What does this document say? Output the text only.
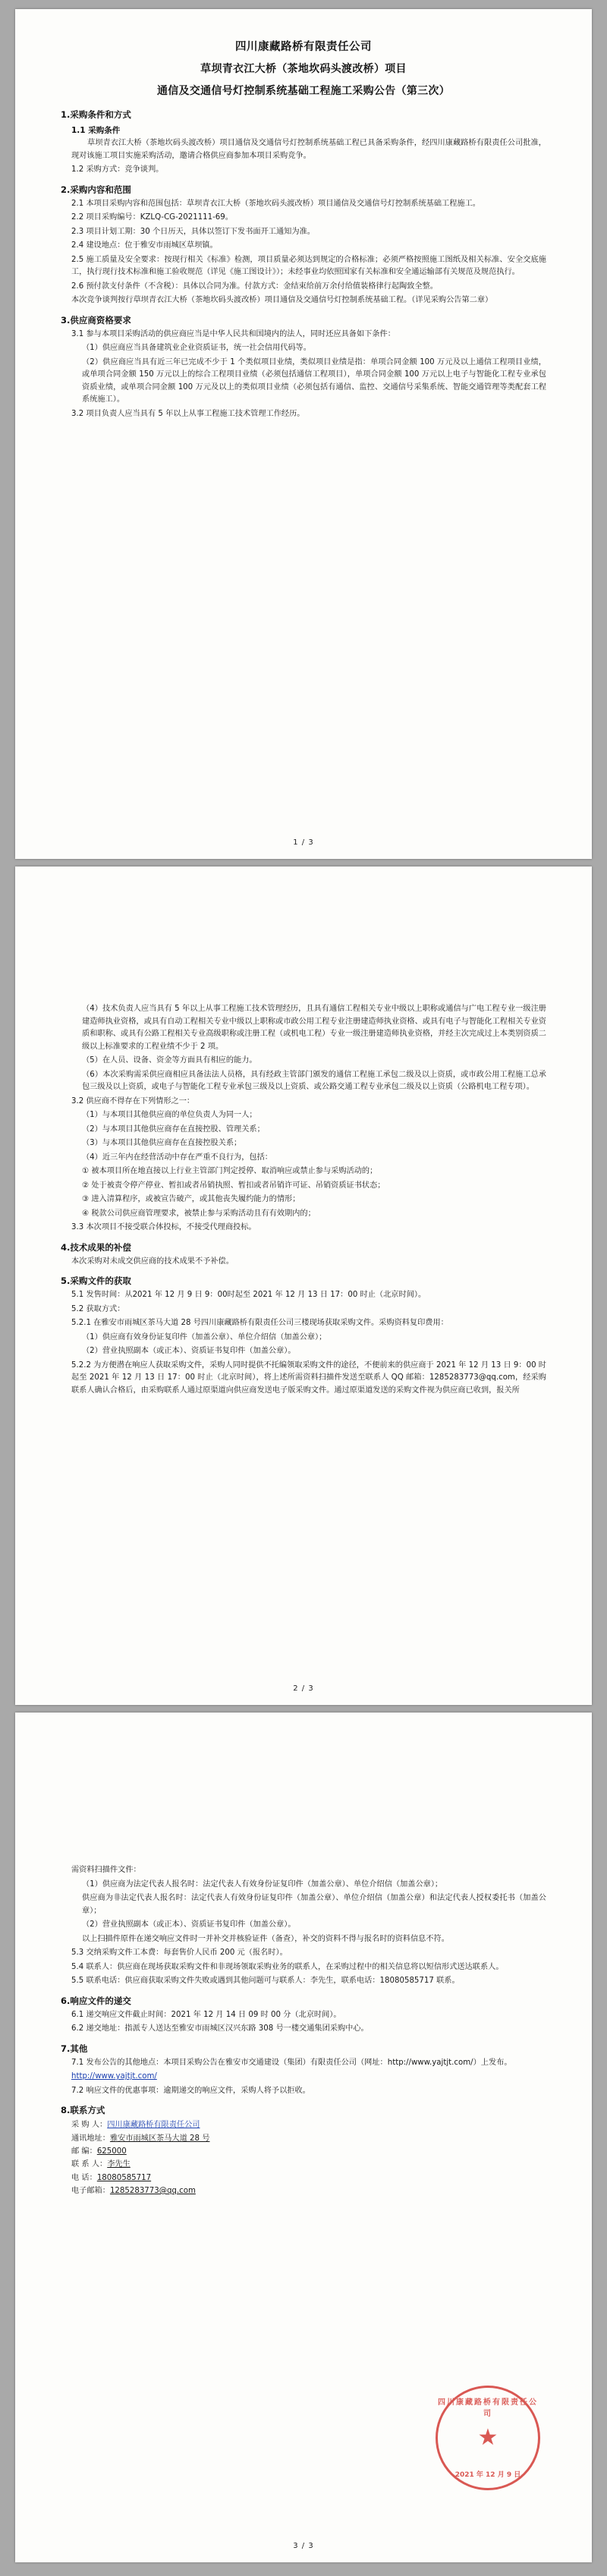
四川康藏路桥有限责任公司
草坝青衣江大桥（茶地坎码头渡改桥）项目
通信及交通信号灯控制系统基础工程施工采购公告（第三次）
1.采购条件和方式
1.1 采购条件

草坝青衣江大桥（茶地坎码头渡改桥）项目通信及交通信号灯控制系统基础工程已具备采购条件，经四川康藏路桥有限责任公司批准，现对该施工项目实施采购活动，邀请合格供应商参加本项目采购竞争。

1.2 采购方式：竞争谈判。

2.采购内容和范围

2.1 本项目采购内容和范围包括：草坝青衣江大桥（茶地坎码头渡改桥）项目通信及交通信号灯控制系统基础工程施工。

2.2 项目采购编号：KZLQ-CG-2021111-69。

2.3 项目计划工期：30 个日历天，具体以签订下发书面开工通知为准。

2.4 建设地点：位于雅安市雨城区草坝镇。

2.5 施工质量及安全要求：按现行相关《标准》检测，项目质量必须达到规定的合格标准；必须严格按照施工图纸及相关标准、安全交底施工，执行现行技术标准和施工验收规范（详见《施工图设计》）；未经事业均依照国家有关标准和安全通运输部有关规范及规范执行。

2.6 预付款支付条件（不含税）：具体以合同为准。付款方式：金结束给前万余付给值装格律行起陶致全整。

本次竞争谈判按行草坝青衣江大桥（茶地坎码头渡改桥）项目通信及交通信号灯控制系统基础工程。（详见采购公告第二章）

3.供应商资格要求

3.1 参与本项目采购活动的供应商应当是中华人民共和国境内的法人，同时还应具备如下条件：

（1）供应商应当具备建筑业企业资质证书，统一社会信用代码等。

（2）供应商应当具有近三年已完成不少于 1 个类似项目业绩，类似项目业绩是指：单项合同金额 100 万元及以上通信工程项目业绩，或单项合同金额 150 万元以上的综合工程项目业绩（必须包括通信工程项目），单项合同金额 100 万元以上电子与智能化工程专业承包资质业绩，或单项合同金额 100 万元及以上的类似项目业绩（必须包括有通信、监控、交通信号采集系统、智能交通管理等类配套工程系统施工）。

3.2 项目负责人应当具有 5 年以上从事工程施工技术管理工作经历。

1 / 3

（4）技术负责人应当具有 5 年以上从事工程施工技术管理经历，且具有通信工程相关专业中级以上职称或通信与广电工程专业一级注册建造师执业资格，或具有自动工程相关专业中级以上职称或市政公用工程专业注册建造师执业资格、或具有电子与智能化工程相关专业资质和职称、或具有公路工程相关专业高级职称或注册工程（或机电工程）专业一级注册建造师执业资格，并经主次完成过上本类别资质二级以上标准要求的工程业绩不少于 2 项。

（5）在人员、设备、资金等方面具有相应的能力。

（6）本次采购需采供应商相应具备法法人员格，具有经政主管部门颁发的通信工程施工承包二级及以上资质，或市政公用工程施工总承包三级及以上资质，或电子与智能化工程专业承包三级及以上资质、或公路交通工程专业承包二级及以上资质（公路机电工程专项）。

3.2 供应商不得存在下列情形之一：

（1）与本项目其他供应商的单位负责人为同一人；

（2）与本项目其他供应商存在直接控股、管理关系；

（3）与本项目其他供应商存在直接控股关系；

（4）近三年内在经营活动中存在严重不良行为，包括：

① 被本项目所在地直接以上行业主管部门判定授停、取消响应或禁止参与采购活动的；

② 处于被责令停产停业、暂扣或者吊销执照、暂扣或者吊销许可证、吊销资质证书状态；

③ 进入清算程序，或被宣告破产，或其他丧失履约能力的情形；

④ 税款公司供应商管理要求，被禁止参与采购活动且有有效期内的；

3.3 本次项目不接受联合体投标，不接受代理商投标。

4.技术成果的补偿

本次采购对未成交供应商的技术成果不予补偿。

5.采购文件的获取

5.1 发售时间：从2021 年 12 月 9 日 9：00时起至 2021 年 12 月 13 日 17：00 时止（北京时间）。

5.2 获取方式：

5.2.1 在雅安市雨城区茶马大道 28 号四川康藏路桥有限责任公司三楼现场获取采购文件。采购资料复印费用：

（1）供应商有效身份证复印件（加盖公章）、单位介绍信（加盖公章）；

（2）营业执照副本（或正本）、资质证书复印件（加盖公章）。

5.2.2 为方便潜在响应人获取采购文件，采购人同时提供不托编领取采购文件的途径，不便前来的供应商于 2021 年 12 月 13 日 9：00 时起至 2021 年 12 月 13 日 17：00 时止（北京时间），将上述所需资料扫描件发送至联系人 QQ 邮箱：1285283773@qq.com，经采购联系人确认合格后，由采购联系人通过原渠道向供应商发送电子版采购文件。通过原渠道发送的采购文件视为供应商已收到，报关所

2 / 3

需资料扫描件文件：

（1）供应商为法定代表人报名时：法定代表人有效身份证复印件（加盖公章）、单位介绍信（加盖公章）；

供应商为非法定代表人报名时：法定代表人有效身份证复印件（加盖公章）、单位介绍信（加盖公章）和法定代表人授权委托书（加盖公章）；

（2）营业执照副本（或正本）、资质证书复印件（加盖公章）。

以上扫描件原件在递交响应文件时一并补交并核验证件（备查），补交的资料不得与报名时的资料信息不符。

5.3 交纳采购文件工本费：每套售价人民币 200 元（报名时）。

5.4 联系人：供应商在现场获取采购文件和非现场领取采购业务的联系人，在采购过程中的相关信息将以短信形式送达联系人。

5.5 联系电话：供应商获取采购文件失败或遇到其他问题可与联系人：李先生，联系电话：18080585717 联系。

6.响应文件的递交

6.1 递交响应文件截止时间：2021 年 12 月 14 日 09 时 00 分（北京时间）。

6.2 递交地址：指派专人送达至雅安市雨城区汉兴东路 308 号一楼交通集团采购中心。

7.其他

7.1 发布公告的其他地点：本项目采购公告在雅安市交通建设（集团）有限责任公司（网址：http://www.yajtjt.com/）上发布。

http://www.yajtjt.com/

7.2 响应文件的优惠事项：逾期递交的响应文件，采购人将予以拒收。

8.联系方式

采 购 人：四川康藏路桥有限责任公司

通讯地址：雅安市雨城区茶马大道 28 号

邮 编：625000

联 系 人：李先生

电 话：18080585717

电子邮箱：1285283773@qq.com

四川康藏路桥有限责任公司
★
2021 年 12 月 9 日
3 / 3
